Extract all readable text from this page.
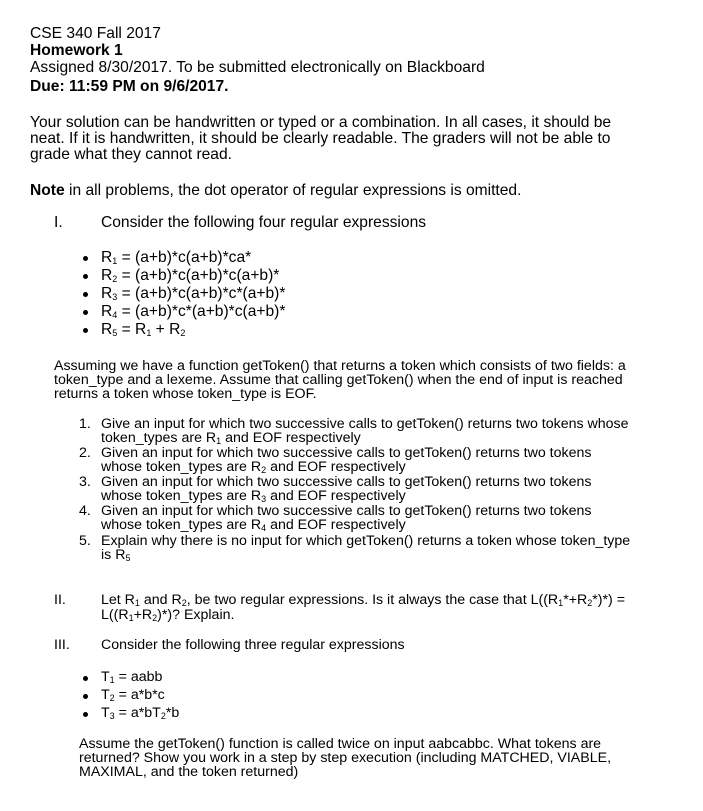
CSE 340 Fall 2017
Homework 1
Assigned 8/30/2017. To be submitted electronically on Blackboard
Due: 11:59 PM on 9/6/2017.
Your solution can be handwritten or typed or a combination. In all cases, it should be
neat. If it is handwritten, it should be clearly readable. The graders will not be able to
grade what they cannot read.
Note in all problems, the dot operator of regular expressions is omitted.
I. Consider the following four regular expressions
$R_1 = (a+b)*c(a+b)*ca*$
$R_2 = (a+b)*c(a+b)*c(a+b)*$
$R_3 = (a+b)*c(a+b)*c*(a+b)*$
$R_4 = (a+b)*c*(a+b)*c(a+b)*$
$R_5 = R_1 + R_2$
Assuming we have a function getToken() that returns a token which consists of two fields: a
token_type and a lexeme. Assume that calling getToken() when the end of input is reached
returns a token whose token_type is EOF.
1. Give an input for which two successive calls to getToken() returns two tokens whose
token_types are $R_1$ and EOF respectively
2. Given an input for which two successive calls to getToken() returns two tokens
whose token_types are $R_2$ and EOF respectively
3. Given an input for which two successive calls to getToken() returns two tokens
whose token_types are $R_3$ and EOF respectively
4. Given an input for which two successive calls to getToken() returns two tokens
whose token_types are $R_4$ and EOF respectively
5. Explain why there is no input for which getToken() returns a token whose token_type
is $R_5$
II. Let $R_1$ and $R_2$, be two regular expressions. Is it always the case that $L((R_1*+R_2*)*)$ =
$L((R_1+R_2)*)$? Explain.
III. Consider the following three regular expressions
$T_1$ = aabb
$T_2 = a*b*c$
$T_3 = a*bT_2*b$
Assume the getToken() function is called twice on input aabcabbc. What tokens are
returned? Show you work in a step by step execution (including MATCHED, VIABLE,
MAXIMAL, and the token returned)
